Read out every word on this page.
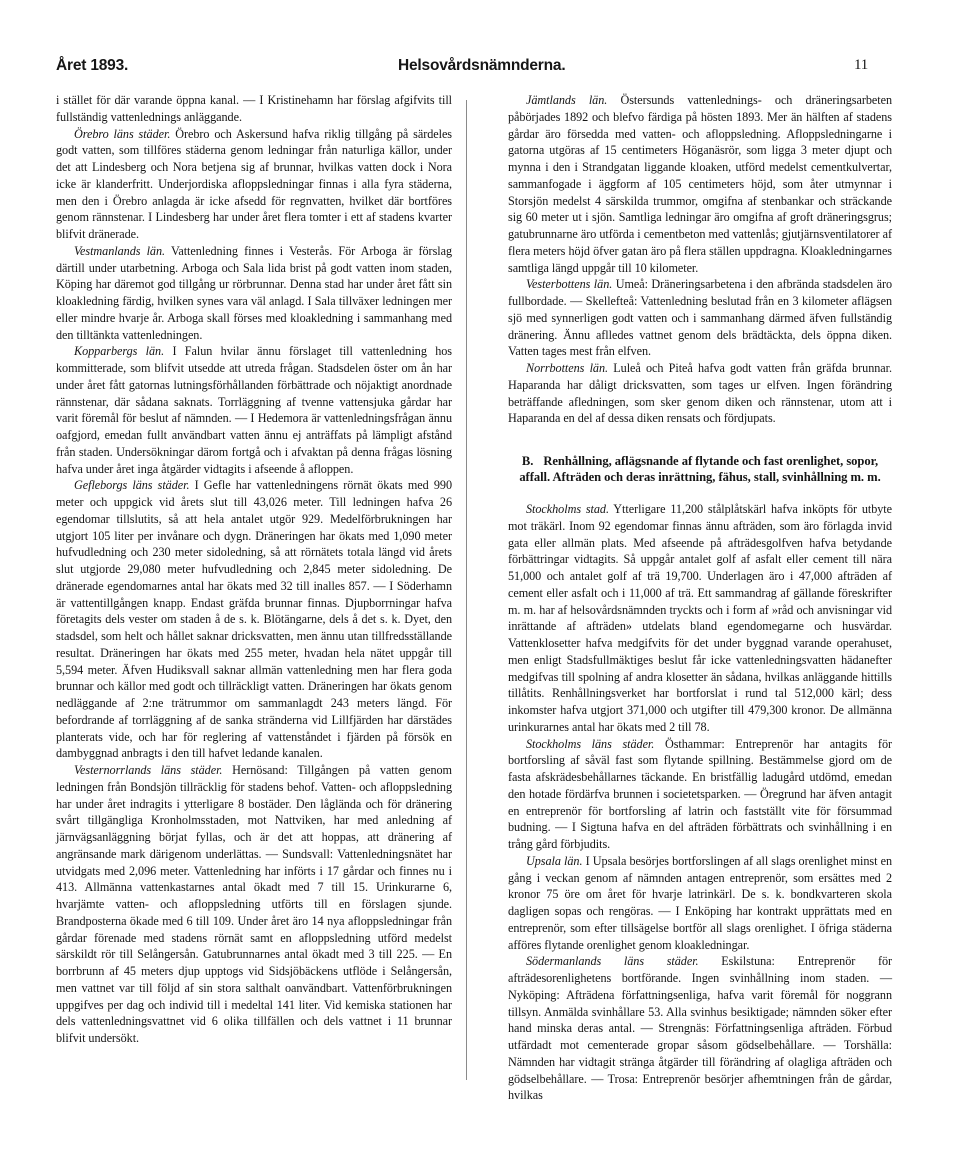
Året 1893.	Helsovårdsnämnderna.	11

i stället för där varande öppna kanal. — I Kristinehamn har förslag afgifvits till fullständig vattenlednings anläggande.

Örebro läns städer. Örebro och Askersund hafva riklig tillgång på särdeles godt vatten, som tillföres städerna genom ledningar från naturliga källor, under det att Lindesberg och Nora betjena sig af brunnar, hvilkas vatten dock i Nora icke är klanderfritt. Underjordiska afloppsledningar finnas i alla fyra städerna, men den i Örebro anlagda är icke afsedd för regnvatten, hvilket där bortföres genom rännstenar. I Lindesberg har under året flera tomter i ett af stadens kvarter blifvit dränerade.

Vestmanlands län. Vattenledning finnes i Vesterås. För Arboga är förslag därtill under utarbetning. Arboga och Sala lida brist på godt vatten inom staden, Köping har däremot god tillgång ur rörbrunnar. Denna stad har under året fått sin kloakledning färdig, hvilken synes vara väl anlagd. I Sala tillväxer ledningen mer eller mindre hvarje år. Arboga skall förses med kloakledning i sammanhang med den tilltänkta vattenledningen.

Kopparbergs län. I Falun hvilar ännu förslaget till vattenledning hos kommitterade, som blifvit utsedde att utreda frågan. Stadsdelen öster om ån har under året fått gatornas lutningsförhållanden förbättrade och nöjaktigt anordnade rännstenar, där sådana saknats. Torrläggning af tvenne vattensjuka gårdar har varit föremål för beslut af nämnden. — I Hedemora är vattenledningsfrågan ännu oafgjord, emedan fullt användbart vatten ännu ej anträffats på lämpligt afstånd från staden. Undersökningar därom fortgå och i afvaktan på denna frågas lösning hafva under året inga åtgärder vidtagits i afseende å afloppen.

Gefleborgs läns städer. I Gefle har vattenledningens rörnät ökats med 990 meter och uppgick vid årets slut till 43,026 meter. Till ledningen hafva 26 egendomar tillslutits, så att hela antalet utgör 929. Medelförbrukningen har utgjort 105 liter per invånare och dygn. Dräneringen har ökats med 1,090 meter hufvudledning och 230 meter sidoledning, så att rörnätets totala längd vid årets slut utgjorde 29,080 meter hufvudledning och 2,845 meter sidoledning. De dränerade egendomarnes antal har ökats med 32 till inalles 857. — I Söderhamn är vattentillgången knapp. Endast gräfda brunnar finnas. Djupborrningar hafva företagits dels vester om staden å de s. k. Blötängarne, dels å det s. k. Dyet, den stadsdel, som helt och hållet saknar dricksvatten, men ännu utan tillfredsställande resultat. Dräneringen har ökats med 255 meter, hvadan hela nätet uppgår till 5,594 meter. Äfven Hudiksvall saknar allmän vattenledning men har flera goda brunnar och källor med godt och tillräckligt vatten. Dräneringen har ökats genom nedläggande af 2:ne trätrummor om sammanlagdt 243 meters längd. För befordrande af torrläggning af de sanka stränderna vid Lillfjärden har därstädes planterats vide, och har för reglering af vattenståndet i fjärden på försök en dambyggnad anbragts i den till hafvet ledande kanalen.

Vesternorrlands läns städer. Hernösand: Tillgången på vatten genom ledningen från Bondsjön tillräcklig för stadens behof. Vatten- och afloppsledning har under året indragits i ytterligare 8 bostäder. Den låglända och för dränering svårt tillgängliga Kronholmsstaden, mot Nattviken, har med anledning af järnvägsanläggning börjat fyllas, och är det att hoppas, att dränering af angränsande mark därigenom underlättas. — Sundsvall: Vattenledningsnätet har utvidgats med 2,096 meter. Vattenledning har införts i 17 gårdar och finnes nu i 413. Allmänna vattenkastarnes antal ökadt med 7 till 15. Urinkurarne 6, hvarjämte vatten- och afloppsledning utförts till en förslagen sjunde. Brandposterna ökade med 6 till 109. Under året äro 14 nya afloppsledningar från gårdar förenade med stadens rörnät samt en afloppsledning utförd medelst särskildt rör till Selångersån. Gatubrunnarnes antal ökadt med 3 till 225. — En borrbrunn af 45 meters djup upptogs vid Sidsjöbäckens utflöde i Selångersån, men vattnet var till följd af sin stora salthalt oanvändbart. Vattenförbrukningen uppgifves per dag och individ till i medeltal 141 liter. Vid kemiska stationen har dels vattenledningsvattnet vid 6 olika tillfällen och dels vattnet i 11 brunnar blifvit undersökt.

Jämtlands län. Östersunds vattenlednings- och dräneringsarbeten påbörjades 1892 och blefvo färdiga på hösten 1893. Mer än hälften af stadens gårdar äro försedda med vatten- och afloppsledning. Afloppsledningarne i gatorna utgöras af 15 centimeters Höganäsrör, som ligga 3 meter djupt och mynna i den i Strandgatan liggande kloaken, utförd medelst cementkulvertar, sammanfogade i äggform af 105 centimeters höjd, som åter utmynnar i Storsjön medelst 4 särskilda trummor, omgifna af stenbankar och sträckande sig 60 meter ut i sjön. Samtliga ledningar äro omgifna af groft dräneringsgrus; gatubrunnarne äro utförda i cementbeton med vattenlås; gjutjärnsventilatorer af flera meters höjd öfver gatan äro på flera ställen uppdragna. Kloakledningarnes samtliga längd uppgår till 10 kilometer.

Vesterbottens län. Umeå: Dräneringsarbetena i den afbrända stadsdelen äro fullbordade. — Skellefteå: Vattenledning beslutad från en 3 kilometer aflägsen sjö med synnerligen godt vatten och i sammanhang därmed äfven fullständig dränering. Ännu aflledes vattnet genom dels brädtäckta, dels öppna diken. Vatten tages mest från elfven.

Norrbottens län. Luleå och Piteå hafva godt vatten från gräfda brunnar. Haparanda har dåligt dricksvatten, som tages ur elfven. Ingen förändring beträffande afledningen, som sker genom diken och rännstenar, utom att i Haparanda en del af dessa diken rensats och fördjupats.

B. Renhållning, aflägsnande af flytande och fast orenlighet, sopor, affall. Afträden och deras inrättning, fähus, stall, svinhållning m. m.

Stockholms stad. Ytterligare 11,200 stålplåtskärl hafva inköpts för utbyte mot träkärl. Inom 92 egendomar finnas ännu afträden, som äro förlagda invid gata eller allmän plats. Med afseende på afträdesgolfven hafva betydande förbättringar vidtagits. Så uppgår antalet golf af asfalt eller cement till nära 51,000 och antalet golf af trä 19,700. Underlagen äro i 47,000 afträden af cement eller asfalt och i 11,000 af trä. Ett sammandrag af gällande föreskrifter m. m. har af helsovårdsnämnden tryckts och i form af »råd och anvisningar vid inrättande af afträden» utdelats bland egendomegarne och husvärdar. Vattenklosetter hafva medgifvits för det under byggnad varande operahuset, men enligt Stadsfullmäktiges beslut får icke vattenledningsvatten hädanefter medgifvas till spolning af andra klosetter än sådana, hvilkas anläggande hittills tillåtits. Renhållningsverket har bortforslat i rund tal 512,000 kärl; dess inkomster hafva utgjort 371,000 och utgifter till 479,300 kronor. De allmänna urinkurarnes antal har ökats med 2 till 78.

Stockholms läns städer. Östhammar: Entreprenör har antagits för bortforsling af såväl fast som flytande spillning. Bestämmelse gjord om de fasta afskrädesbehållarnes täckande. En bristfällig ladugård utdömd, emedan den hotade fördärfva brunnen i societetsparken. — Öregrund har äfven antagit en entreprenör för bortforsling af latrin och fastställt vite för försummad budning. — I Sigtuna hafva en del afträden förbättrats och svinhållning i en trång gård förbjudits.

Upsala län. I Upsala besörjes bortforslingen af all slags orenlighet minst en gång i veckan genom af nämnden antagen entreprenör, som ersättes med 2 kronor 75 öre om året för hvarje latrinkärl. De s. k. bondkvarteren skola dagligen sopas och rengöras. — I Enköping har kontrakt upprättats med en entreprenör, som efter tillsägelse bortför all slags orenlighet. I öfriga städerna afföres flytande orenlighet genom kloakledningar.

Södermanlands läns städer. Eskilstuna: Entreprenör för afträdesorenlighetens bortförande. Ingen svinhållning inom staden. — Nyköping: Afträdena författningsenliga, hafva varit föremål för noggrann tillsyn. Anmälda svinhållare 53. Alla svinhus besiktigade; nämnden söker efter hand minska deras antal. — Strengnäs: Författningsenliga afträden. Förbud utfärdadt mot cementerade gropar såsom gödselbehållare. — Torshälla: Nämnden har vidtagit stränga åtgärder till förändring af olagliga afträden och gödselbehållare. — Trosa: Entreprenör besörjer afhemtningen från de gårdar, hvilkas
